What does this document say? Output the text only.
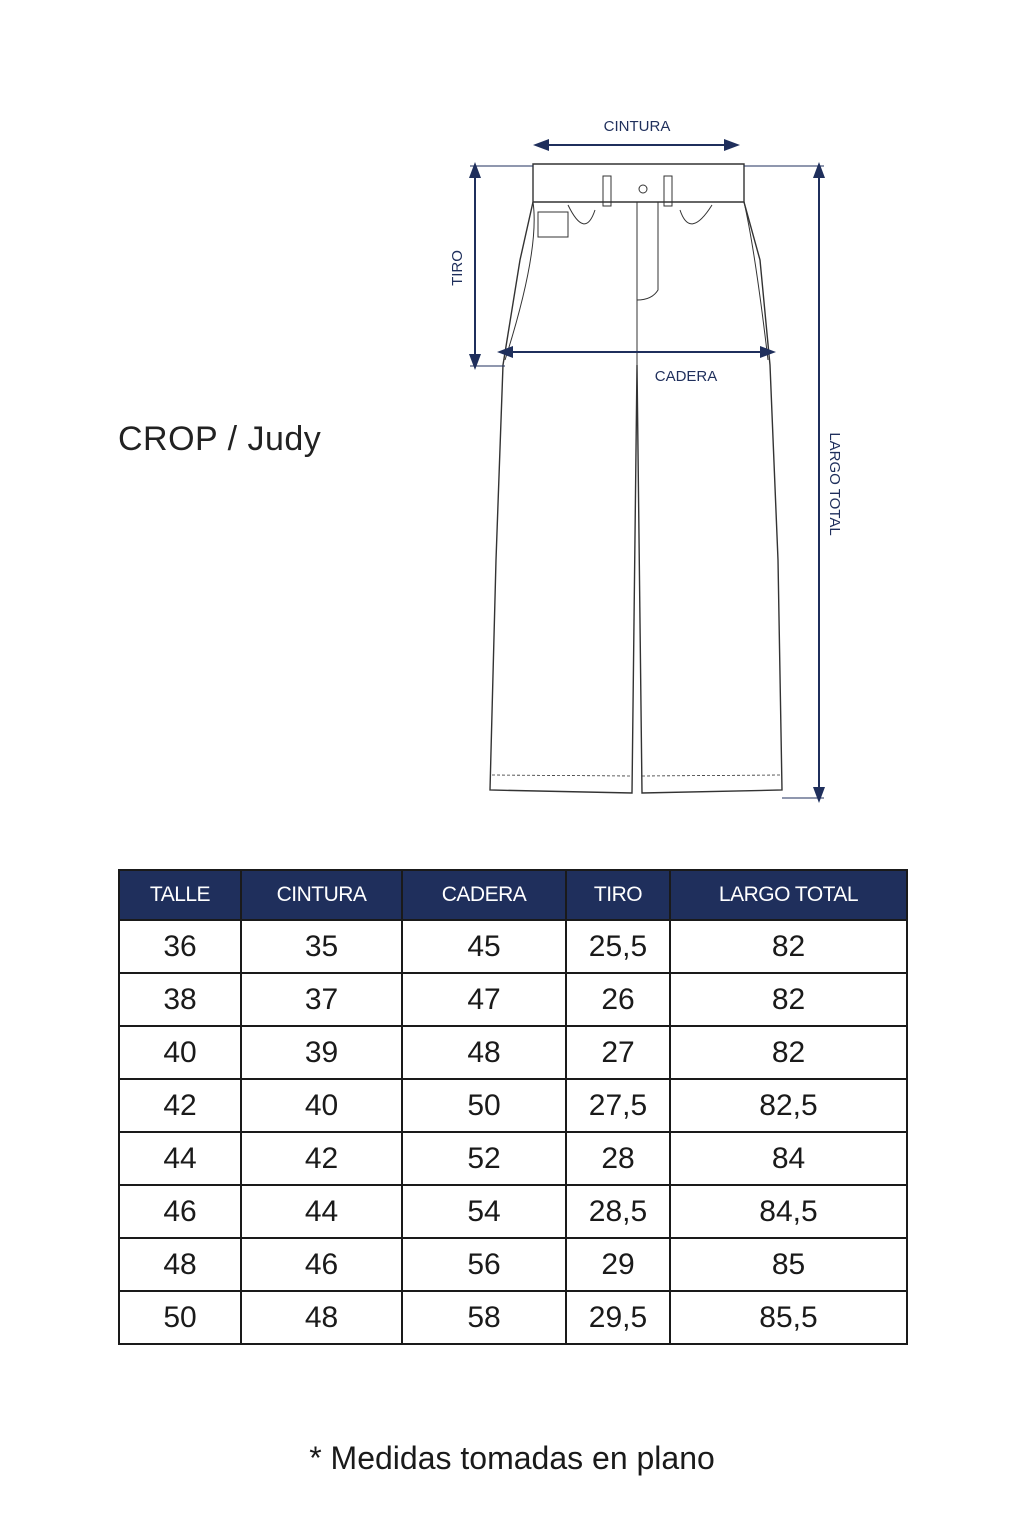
CROP / Judy
CINTURA
TIRO
CADERA
LARGO TOTAL
TALLE	CINTURA	CADERA	TIRO	LARGO TOTAL
36	35	45	25,5	82
38	37	47	26	82
40	39	48	27	82
42	40	50	27,5	82,5
44	42	52	28	84
46	44	54	28,5	84,5
48	46	56	29	85
50	48	58	29,5	85,5
* Medidas tomadas en plano
